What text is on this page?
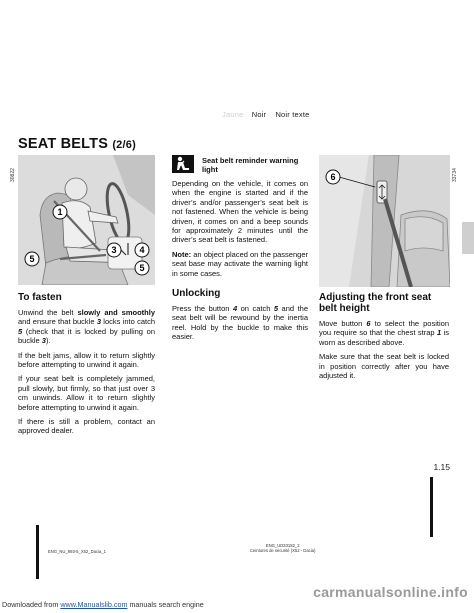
Jaune Noir Noir texte
SEAT BELTS (2/6)
1
3	4
5
5
30822
To fasten

Unwind the belt slowly and smoothly and ensure that buckle 3 locks into catch 5 (check that it is locked by pulling on buckle 3).

If the belt jams, allow it to return slightly before attempting to unwind it again.

If your seat belt is completely jammed, pull slowly, but firmly, so that just over 3 cm unwinds. Allow it to return slightly before attempting to unwind it again.

If there is still a problem, contact an approved dealer.

Seat belt reminder warning light

Depending on the vehicle, it comes on when the engine is started and if the driver’s and/or passenger’s seat belt is not fastened. When the vehicle is being driven, it comes on and a beep sounds for approximately 2 minutes until the driver’s seat belt is fastened.

Note: an object placed on the passenger seat base may activate the warning light in some cases.

Unlocking

Press the button 4 on catch 5 and the seat belt will be rewound by the inertia reel. Hold by the buckle to make this easier.

6	33734
Adjusting the front seat belt height

Move button 6 to select the position you require so that the chest strap 1 is worn as described above.

Make sure that the seat belt is locked in position correctly after you have adjusted it.

1.15
ENG_NU_993-5_X52_Dacia_1
ENG_UD33182_2
Ceintures de sécurité (X52 - Dacia)
Downloaded from www.Manualslib.com manuals search engine
carmanualsonline.info
